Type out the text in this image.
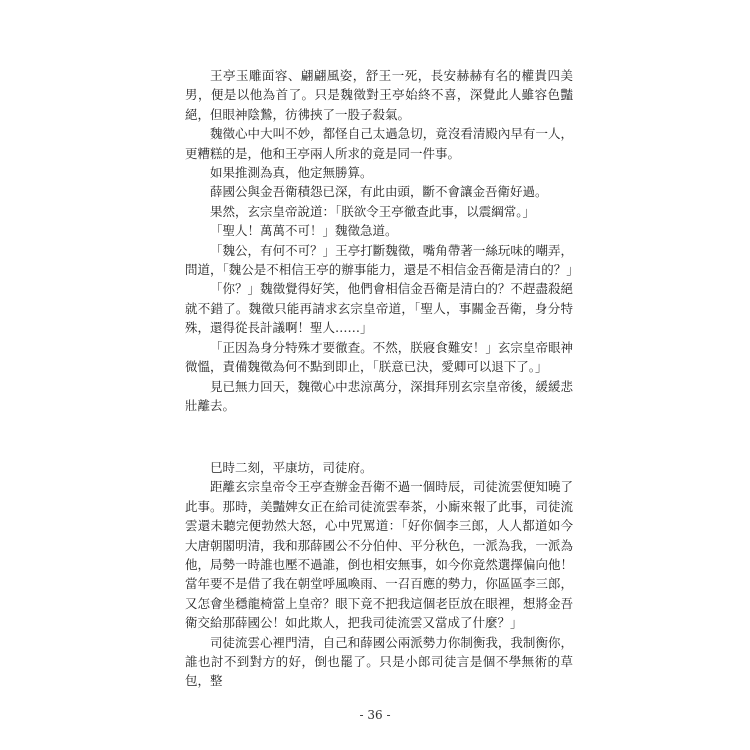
王亭玉雕面容、翩翩風姿，舒王一死，長安赫赫有名的權貴四美男，便是以他為首了。只是魏徵對王亭始終不喜，深覺此人雖容色豔絕，但眼神陰鷙，彷彿挾了一股子殺氣。

魏徵心中大叫不妙，都怪自己太過急切，竟沒看清殿內早有一人，更糟糕的是，他和王亭兩人所求的竟是同一件事。

如果推測為真，他定無勝算。

薛國公與金吾衛積怨已深，有此由頭，斷不會讓金吾衛好過。

果然，玄宗皇帝說道：「朕欲令王亭徹查此事，以震綱常。」

「聖人！萬萬不可！」魏徵急道。

「魏公，有何不可？」王亭打斷魏徵，嘴角帶著一絲玩味的嘲弄，問道，「魏公是不相信王亭的辦事能力，還是不相信金吾衛是清白的？」

「你？」魏徵覺得好笑，他們會相信金吾衛是清白的？不趕盡殺絕就不錯了。魏徵只能再請求玄宗皇帝道，「聖人，事關金吾衛，身分特殊，還得從長計議啊！聖人……」

「正因為身分特殊才要徹查。不然，朕寢食難安！」玄宗皇帝眼神微慍，責備魏徵為何不點到即止，「朕意已決，愛卿可以退下了。」

見已無力回天，魏徵心中悲涼萬分，深揖拜別玄宗皇帝後，緩緩悲壯離去。

巳時二刻，平康坊，司徒府。

距離玄宗皇帝令王亭查辦金吾衛不過一個時辰，司徒流雲便知曉了此事。那時，美豔婢女正在給司徒流雲奉茶，小廝來報了此事，司徒流雲還未聽完便勃然大怒，心中咒罵道：「好你個李三郎，人人都道如今大唐朝閣明清，我和那薛國公不分伯仲、平分秋色，一派為我，一派為他，局勢一時誰也壓不過誰，倒也相安無事，如今你竟然選擇偏向他！當年要不是借了我在朝堂呼風喚雨、一召百應的勢力，你區區李三郎，又怎會坐穩龍椅當上皇帝？眼下竟不把我這個老臣放在眼裡，想將金吾衛交給那薛國公！如此欺人，把我司徒流雲又當成了什麼？」

司徒流雲心裡門清，自己和薛國公兩派勢力你制衡我，我制衡你，誰也討不到對方的好，倒也罷了。只是小郎司徒言是個不學無術的草包，整

- 36 -
